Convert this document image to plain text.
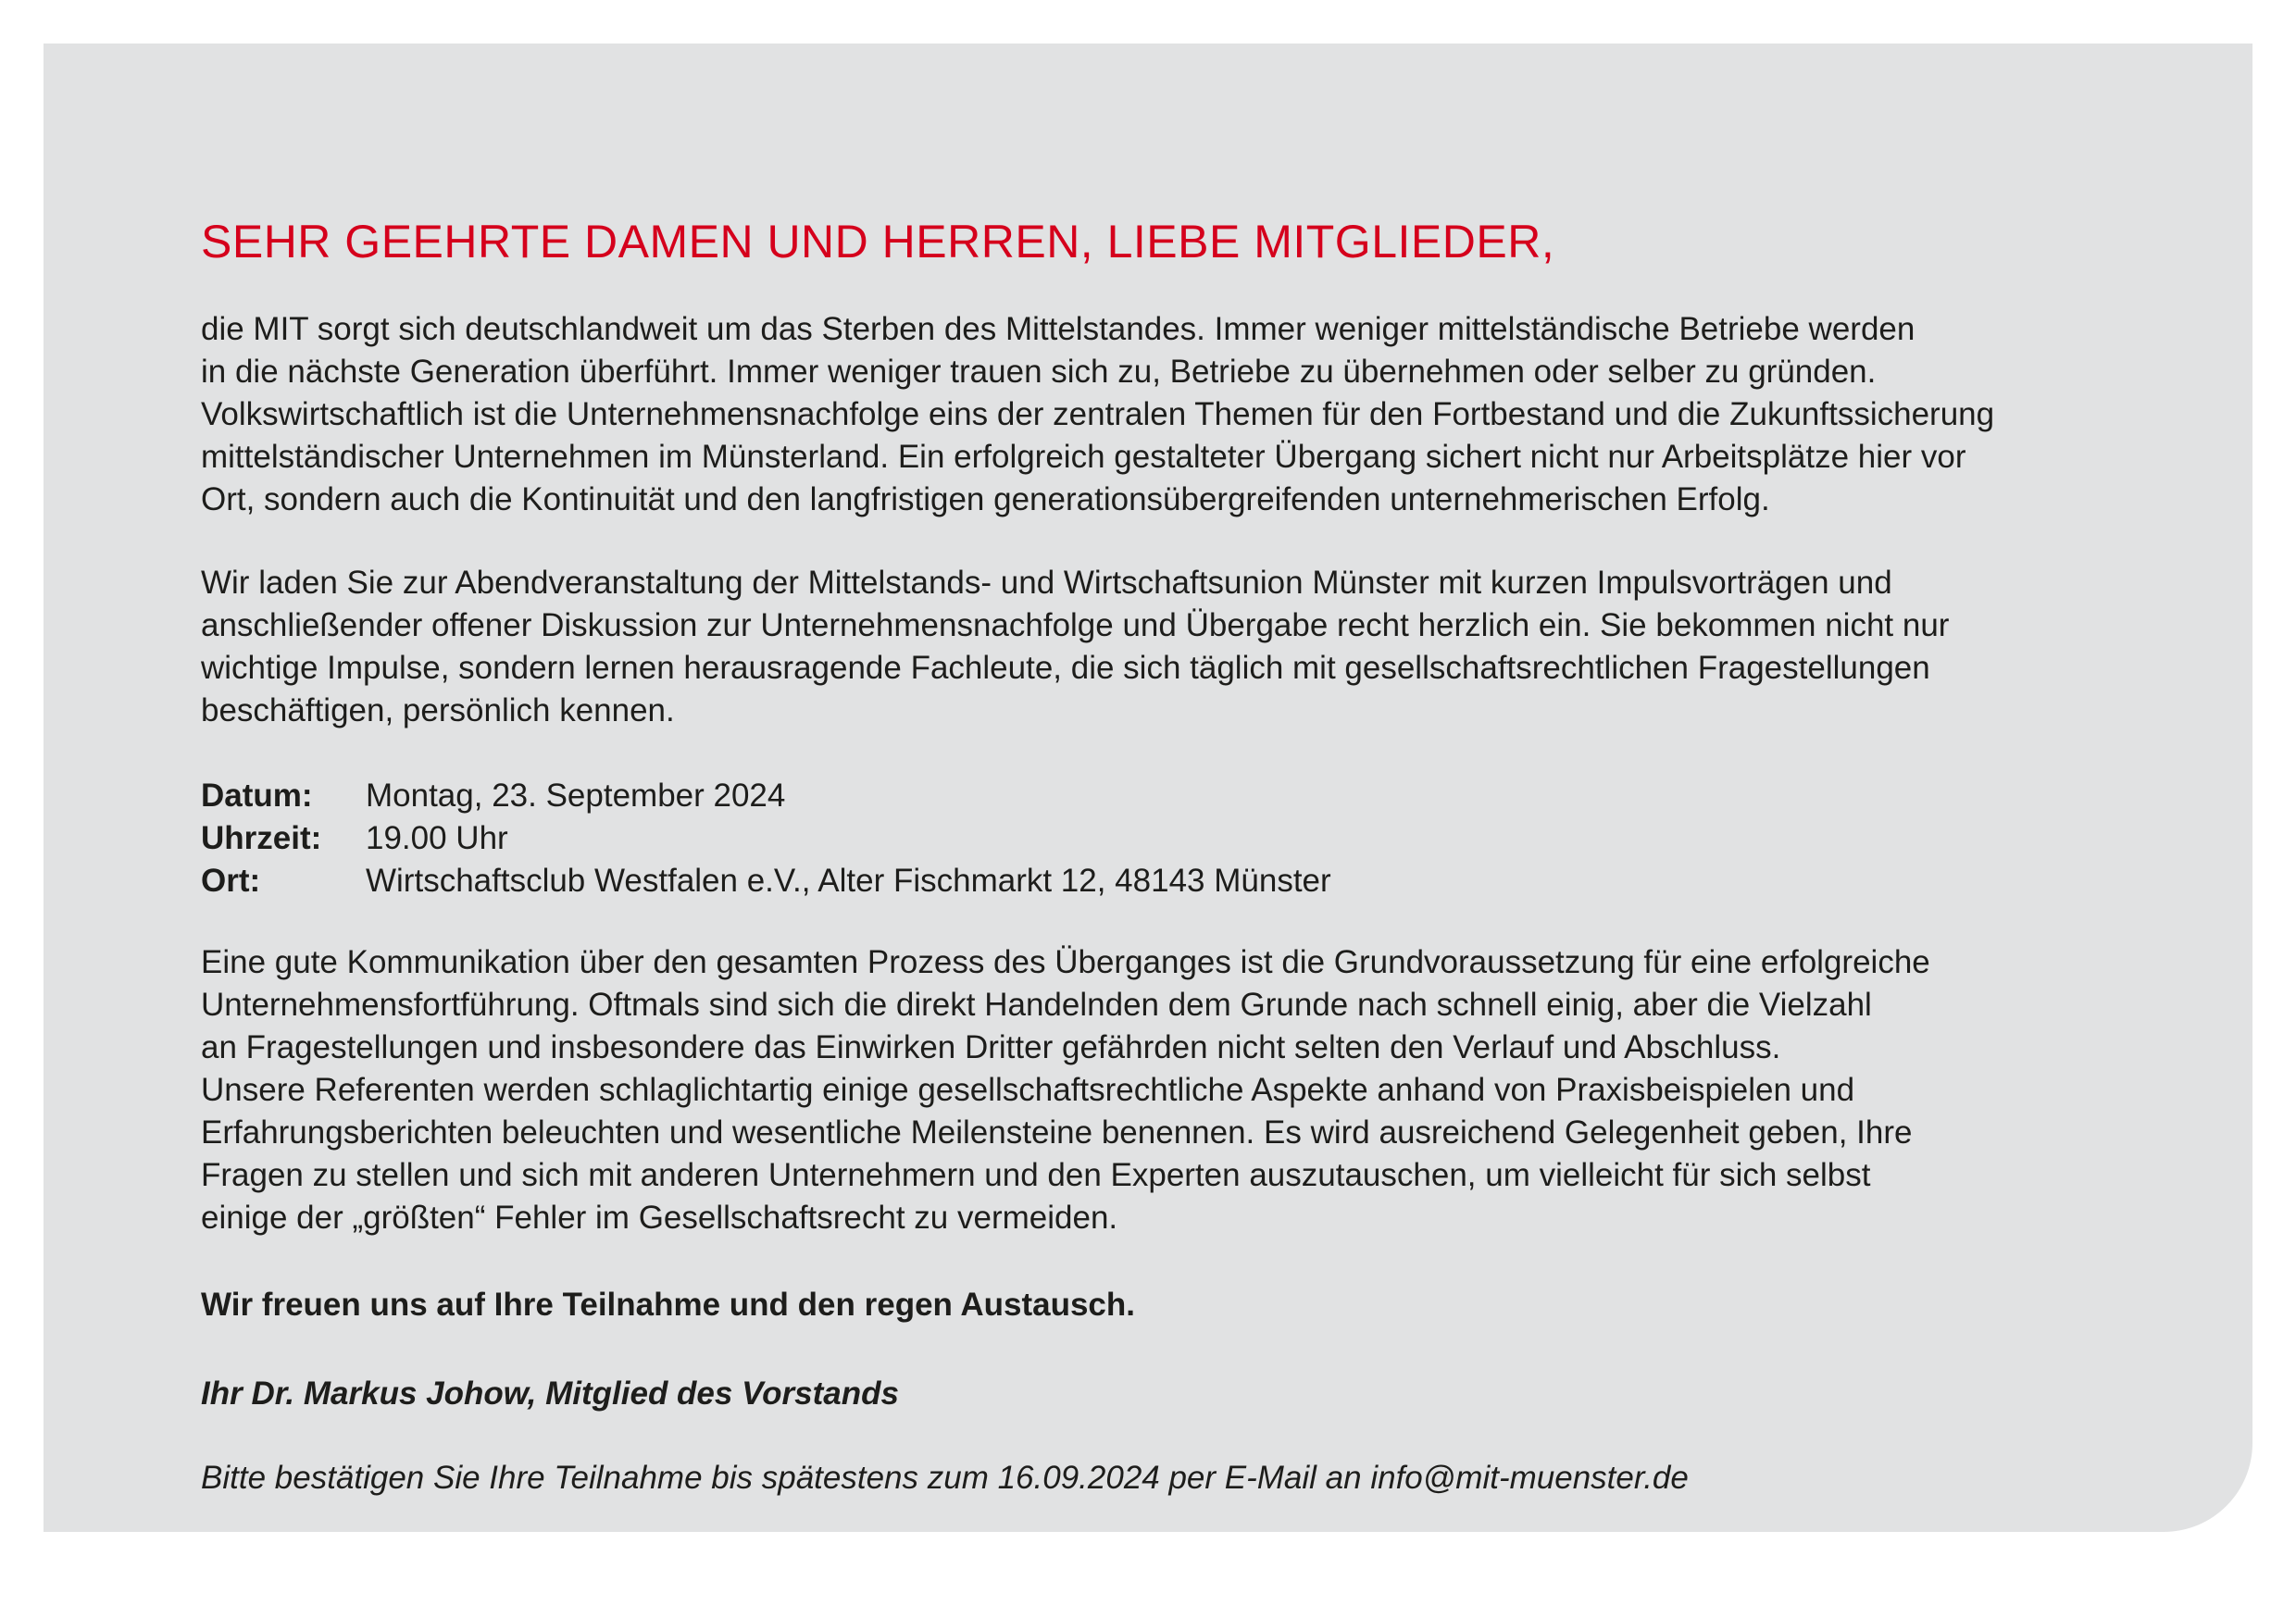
SEHR GEEHRTE DAMEN UND HERREN, LIEBE MITGLIEDER,

die MIT sorgt sich deutschlandweit um das Sterben des Mittelstandes. Immer weniger mittelständische Betriebe werden
in die nächste Generation überführt. Immer weniger trauen sich zu, Betriebe zu übernehmen oder selber zu gründen.
Volkswirtschaftlich ist die Unternehmensnachfolge eins der zentralen Themen für den Fortbestand und die Zukunftssicherung
mittelständischer Unternehmen im Münsterland. Ein erfolgreich gestalteter Übergang sichert nicht nur Arbeitsplätze hier vor
Ort, sondern auch die Kontinuität und den langfristigen generationsübergreifenden unternehmerischen Erfolg.

Wir laden Sie zur Abendveranstaltung der Mittelstands- und Wirtschaftsunion Münster mit kurzen Impulsvorträgen und
anschließender offener Diskussion zur Unternehmensnachfolge und Übergabe recht herzlich ein. Sie bekommen nicht nur
wichtige Impulse, sondern lernen herausragende Fachleute, die sich täglich mit gesellschaftsrechtlichen Fragestellungen
beschäftigen, persönlich kennen.

Datum:	Montag, 23. September 2024
Uhrzeit:	19.00 Uhr
Ort:	Wirtschaftsclub Westfalen e.V., Alter Fischmarkt 12, 48143 Münster

Eine gute Kommunikation über den gesamten Prozess des Überganges ist die Grundvoraussetzung für eine erfolgreiche
Unternehmensfortführung. Oftmals sind sich die direkt Handelnden dem Grunde nach schnell einig, aber die Vielzahl
an Fragestellungen und insbesondere das Einwirken Dritter gefährden nicht selten den Verlauf und Abschluss.
Unsere Referenten werden schlaglichtartig einige gesellschaftsrechtliche Aspekte anhand von Praxisbeispielen und
Erfahrungsberichten beleuchten und wesentliche Meilensteine benennen. Es wird ausreichend Gelegenheit geben, Ihre
Fragen zu stellen und sich mit anderen Unternehmern und den Experten auszutauschen, um vielleicht für sich selbst
einige der „größten“ Fehler im Gesellschaftsrecht zu vermeiden.

Wir freuen uns auf Ihre Teilnahme und den regen Austausch.

Ihr Dr. Markus Johow, Mitglied des Vorstands

Bitte bestätigen Sie Ihre Teilnahme bis spätestens zum 16.09.2024 per E-Mail an info@mit-muenster.de
